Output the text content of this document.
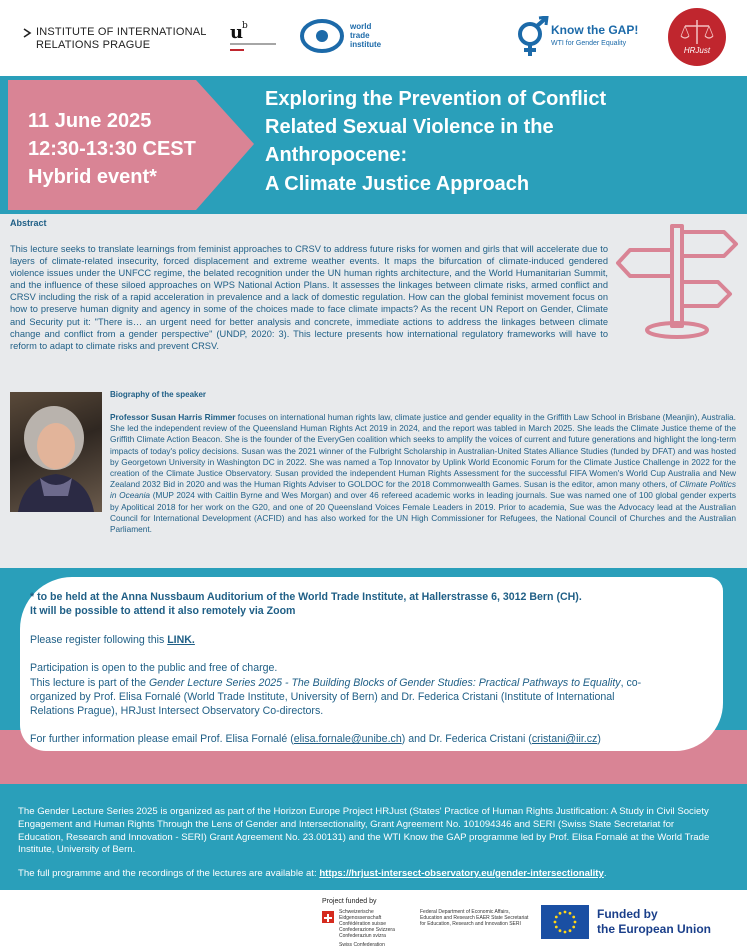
INSTITUTE OF INTERNATIONAL
RELATIONS PRAGUE
u
b	world
trade
institute
Know the GAP!
WTI for Gender Equality
HRJust
11 June 2025
12:30-13:30 CEST
Hybrid event*
Exploring the Prevention of Conflict
Related Sexual Violence in the
Anthropocene:
A Climate Justice Approach
Abstract
This lecture seeks to translate learnings from feminist approaches to CRSV to address future risks for women and girls that will accelerate due to layers of climate-related insecurity, forced displacement and extreme weather events. It maps the bifurcation of climate-induced gendered violence issues under the UNFCC regime, the belated recognition under the UN human rights architecture, and the World Humanitarian Summit, and the influence of these siloed approaches on WPS National Action Plans. It assesses the linkages between climate risks, armed conflict and CRSV including the risk of a rapid acceleration in prevalence and a lack of domestic regulation. How can the global feminist movement focus on how to preserve human dignity and agency in some of the choices made to face climate impacts? As the recent UN Report on Gender, Climate and Security put it: "There is… an urgent need for better analysis and concrete, immediate actions to address the linkages between climate change and conflict from a gender perspective" (UNDP, 2020: 3). This lecture presents how international regulatory frameworks will have to reform to adapt to climate risks and prevent CRSV.
Biography of the speaker
Professor Susan Harris Rimmer focuses on international human rights law, climate justice and gender equality in the Griffith Law School in Brisbane (Meanjin), Australia. She led the independent review of the Queensland Human Rights Act 2019 in 2024, and the report was tabled in March 2025. She leads the Climate Justice theme of the Griffith Climate Action Beacon. She is the founder of the EveryGen coalition which seeks to amplify the voices of current and future generations and highlight the long-term impacts of today's policy decisions. Susan was the 2021 winner of the Fulbright Scholarship in Australian-United States Alliance Studies (funded by DFAT) and was hosted by Georgetown University in Washington DC in 2022. She was named a Top Innovator by Uplink World Economic Forum for the Climate Justice Challenge in 2022 for the creation of the Climate Justice Observatory. Susan provided the independent Human Rights Assessment for the successful FIFA Women's World Cup Australia and New Zealand 2032 Bid in 2020 and was the Human Rights Adviser to GOLDOC for the 2018 Commonwealth Games. Susan is the editor, amon many others, of Climate Politics in Oceania (MUP 2024 with Caitlin Byrne and Wes Morgan) and over 46 refereed academic works in leading journals. Sue was named one of 100 global gender experts by Apolitical 2018 for her work on the G20, and one of 20 Queensland Voices Female Leaders in 2019. Prior to academia, Sue was the Advocacy lead at the Australian Council for International Development (ACFID) and has also worked for the UN High Commissioner for Refugees, the National Council of Churches and the Australian Parliament.
* to be held at the Anna Nussbaum Auditorium of the World Trade Institute, at Hallerstrasse 6, 3012 Bern (CH).
It will be possible to attend it also remotely via Zoom
Please register following this LINK.
Participation is open to the public and free of charge.
This lecture is part of the Gender Lecture Series 2025 - The Building Blocks of Gender Studies: Practical Pathways to Equality, co-
organized by Prof. Elisa Fornalé (World Trade Institute, University of Bern) and Dr. Federica Cristani (Institute of International
Relations Prague), HRJust Intersect Observatory Co-directors.
For further information please email Prof. Elisa Fornalé (elisa.fornale@unibe.ch) and Dr. Federica Cristani (cristani@iir.cz)
The Gender Lecture Series 2025 is organized as part of the Horizon Europe Project HRJust (States' Practice of Human Rights Justification: A Study in Civil Society Engagement and Human Rights Through the Lens of Gender and Intersectionality, Grant Agreement No. 101094346 and SERI (Swiss State Secretariat for Education, Research and Innovation - SERI) Grant Agreement No. 23.00131) and the WTI Know the GAP programme led by Prof. Elisa Fornalé at the World Trade Institute, University of Bern.
The full programme and the recordings of the lectures are available at: https://hrjust-intersect-observatory.eu/gender-intersectionality.
Project funded by
Schweizerische Eidgenossenschaft Confédération suisse Confederazione Svizzera Confederaziun svizra
Swiss Confederation
Federal Department of Economic Affairs, Education and Research EAER State Secretariat for Education, Research and Innovation SERI
Funded by
the European Union
